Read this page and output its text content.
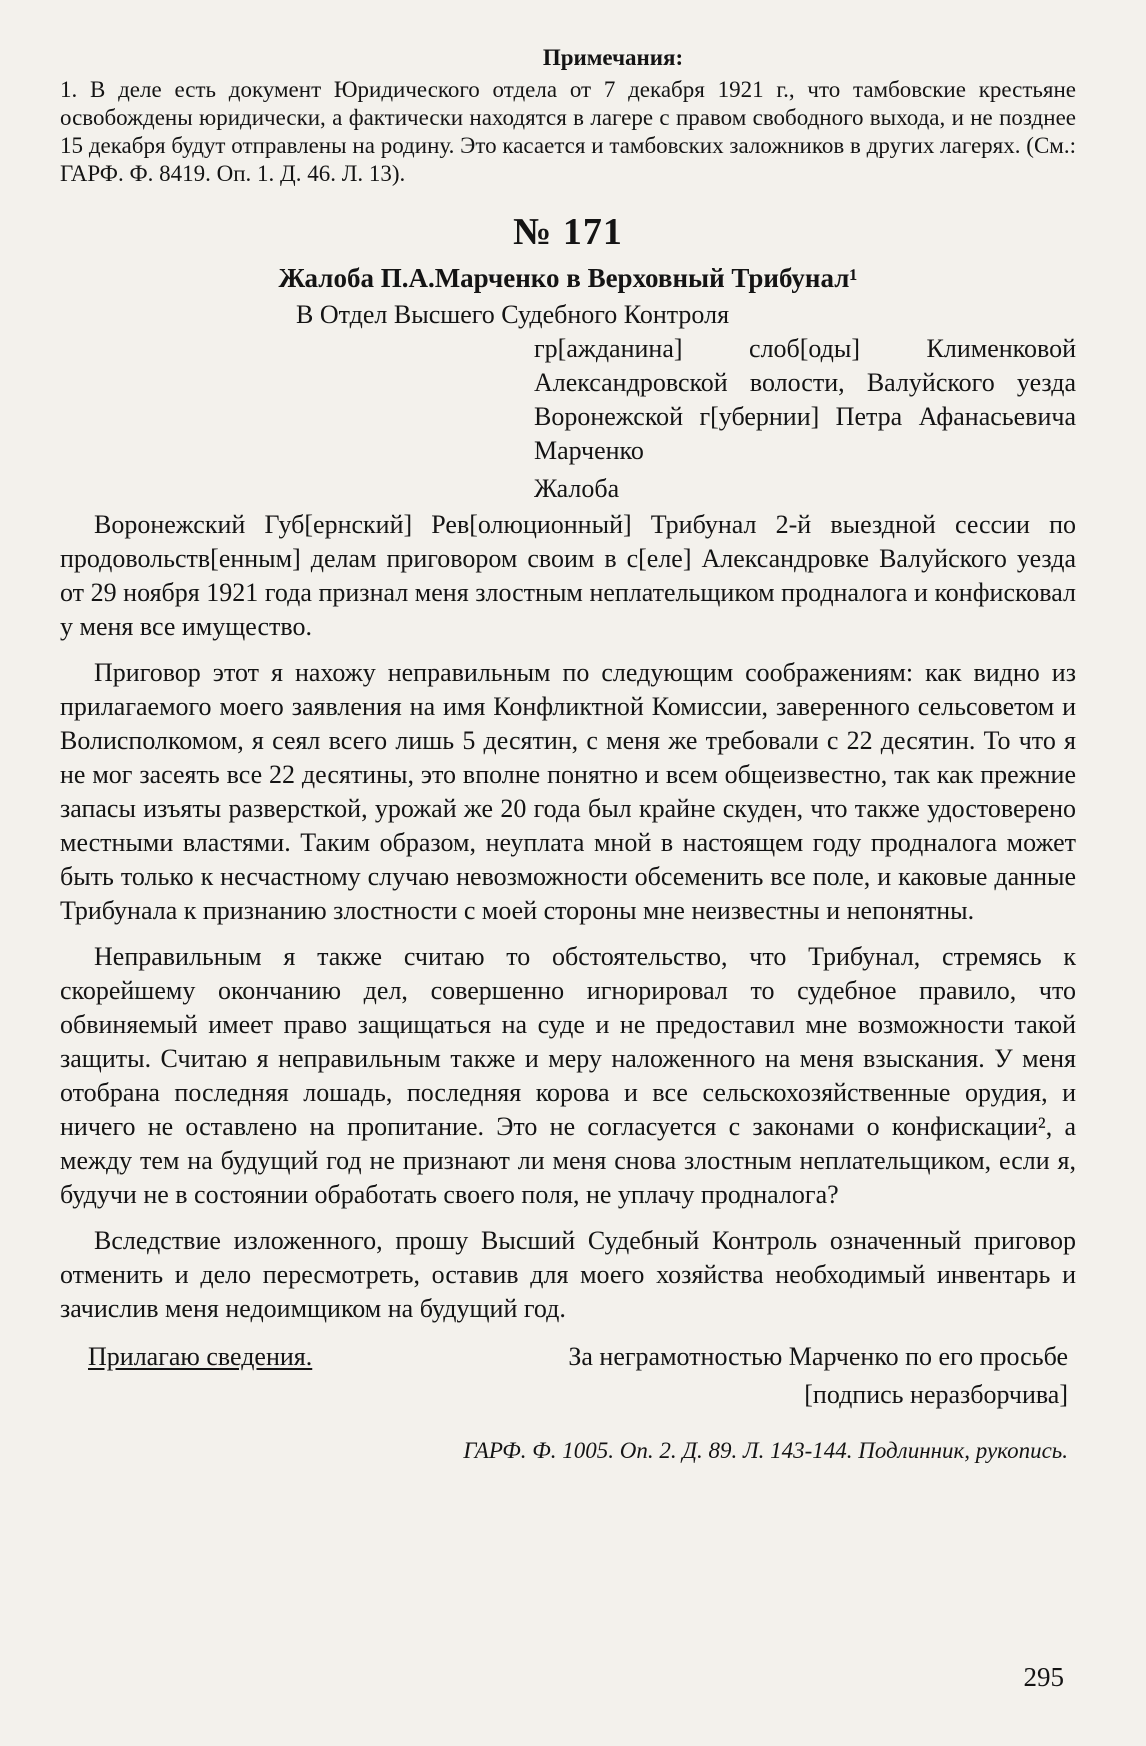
Примечания:

1. В деле есть документ Юридического отдела от 7 декабря 1921 г., что тамбовские крестьяне освобождены юридически, а фактически находятся в лагере с правом свободного выхода, и не позднее 15 декабря будут отправлены на родину. Это касается и тамбовских заложников в других лагерях. (См.: ГАРФ. Ф. 8419. Оп. 1. Д. 46. Л. 13).

№ 171
Жалоба П.А.Марченко в Верховный Трибунал¹
В Отдел Высшего Судебного Контроля
гр[ажданина] слоб[оды] Клименковой Александровской волости, Валуйского уезда Воронежской г[убернии] Петра Афанасьевича Марченко
Жалоба

Воронежский Губ[ернский] Рев[олюционный] Трибунал 2-й выездной сессии по продовольств[енным] делам приговором своим в с[еле] Александровке Валуйского уезда от 29 ноября 1921 года признал меня злостным неплательщиком продналога и конфисковал у меня все имущество.

Приговор этот я нахожу неправильным по следующим соображениям: как видно из прилагаемого моего заявления на имя Конфликтной Комиссии, заверенного сельсоветом и Волисполкомом, я сеял всего лишь 5 десятин, с меня же требовали с 22 десятин. То что я не мог засеять все 22 десятины, это вполне понятно и всем общеизвестно, так как прежние запасы изъяты разверсткой, урожай же 20 года был крайне скуден, что также удостоверено местными властями. Таким образом, неуплата мной в настоящем году продналога может быть только к несчастному случаю невозможности обсеменить все поле, и каковые данные Трибунала к признанию злостности с моей стороны мне неизвестны и непонятны.

Неправильным я также считаю то обстоятельство, что Трибунал, стремясь к скорейшему окончанию дел, совершенно игнорировал то судебное правило, что обвиняемый имеет право защищаться на суде и не предоставил мне возможности такой защиты. Считаю я неправильным также и меру наложенного на меня взыскания. У меня отобрана последняя лошадь, последняя корова и все сельскохозяйственные орудия, и ничего не оставлено на пропитание. Это не согласуется с законами о конфискации², а между тем на будущий год не признают ли меня снова злостным неплательщиком, если я, будучи не в состоянии обработать своего поля, не уплачу продналога?

Вследствие изложенного, прошу Высший Судебный Контроль означенный приговор отменить и дело пересмотреть, оставив для моего хозяйства необходимый инвентарь и зачислив меня недоимщиком на будущий год.

Прилагаю сведения.	За неграмотностью Марченко по его просьбе
[подпись неразборчива]
ГАРФ. Ф. 1005. Оп. 2. Д. 89. Л. 143-144. Подлинник, рукопись.
295
